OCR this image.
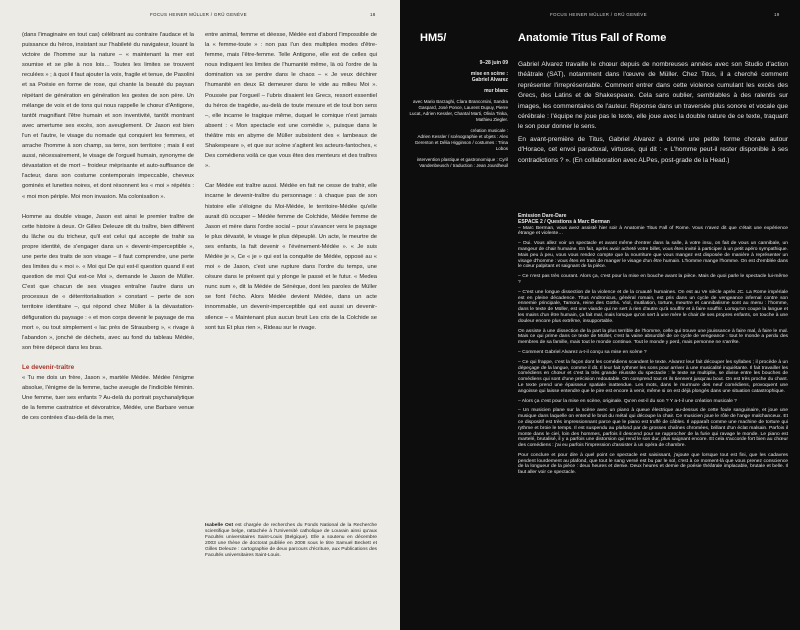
FOCUS HEINER MÜLLER / GRÜ GENÈVE	18

(dans l'imaginaire en tout cas) célébrant au contraire l'audace et la puissance du héros, insistant sur l'habileté du navigateur, louant la victoire de l'homme sur la nature – « maintenant la mer est soumise et se plie à nos lois… Toutes les limites se trouvent reculées » ; à quoi il faut ajouter la voix, fragile et tenue, de Pasolini et sa Poésie en forme de rose, qui chante la beauté du paysan répétant de génération en génération les gestes de son père. Un mélange de voix et de tons qui nous rappelle le chœur d'Antigone, tantôt magnifiant l'être humain et son inventivité, tantôt montrant avec amertume ses excès, son aveuglement. Or Jason est bien l'un et l'autre, le visage du nomade qui conquiert les femmes, et arrache l'homme à son champ, sa terre, son territoire ; mais il est aussi, nécessairement, le visage de l'orgueil humain, synonyme de dévastation et de mort – froideur méprisante et auto-suffisance de l'acteur, dans son costume contemporain impeccable, cheveux gominés et lunettes noires, et dont résonnent les « moi » répétés : « moi mon périple. Moi mon invasion. Ma colonisation ».

Homme au double visage, Jason est ainsi le premier traître de cette histoire à deux. Or Gilles Deleuze dit du traître, bien différent du lâche ou du tricheur, qu'il est celui qui accepte de trahir sa propre identité, de s'engager dans un « devenir-imperceptible », une perte des traits de son visage – il faut comprendre, une perte des limites du « moi ». « Moi qui De qui est-il question quand il est question de moi Qui est-ce Moi », demande le Jason de Müller. C'est que chacun de ses visages entraîne l'autre dans un processus de « déterritorialisation » constant – perte de son territoire identitaire –, qui répond chez Müller à la dévastation-défiguration du paysage : « et mon corps devenir le paysage de ma mort », ou tout simplement « lac près de Strausberg », « rivage à l'abandon », jonché de déchets, avec au fond du tableau Médée, son frère dépecé dans les bras.

Le devenir-traître

« Tu me dois un frère, Jason », martèle Médée. Médée l'énigme absolue, l'énigme de la femme, tache aveugle de l'indicible féminin. Une femme, tuer ses enfants ? Au-delà du portrait psychanalytique de la femme castratrice et dévoratrice, Médée, une Barbare venue de ces contrées d'au-delà de la mer,

entre animal, femme et déesse, Médée est d'abord l'impossible de la « femme-toute » : non pas l'un des multiples modes d'être-femme, mais l'être-femme. Telle Antigone, elle est de celles qui nous indiquent les limites de l'humanité même, là où l'ordre de la domination va se perdre dans le chaos – « Je veux déchirer l'humanité en deux Et demeurer dans le vide au milieu Moi ». Poussée par l'orgueil – l'ubris disaient les Grecs, ressort essentiel du héros de tragédie, au-delà de toute mesure et de tout bon sens –, elle incarne le tragique même, duquel le comique n'est jamais absent : « Mon spectacle est une comédie », puisque dans le théâtre mis en abyme de Müller subsistent des « lambeaux de Shakespeare », et que sur scène s'agitent les acteurs-fantoches, « Des comédiens voilà ce que vous êtes des menteurs et des traîtres ».

Car Médée est traître aussi. Médée en fait ne cesse de trahir, elle incarne le devenir-traître du personnage : à chaque pas de son histoire elle s'éloigne du Moi-Médée, le territoire-Médée qu'elle aurait dû occuper – Médée femme de Colchide, Médée femme de Jason et mère dans l'ordre social – pour s'avancer vers le paysage le plus dévasté, le visage le plus dépeuplé. Un acte, le meurtre de ses enfants, la fait devenir « l'événement-Médée ». « Je suis Médée je », Ce « je » qui est la conquête de Médée, opposé au « moi » de Jason, c'est une rupture dans l'ordre du temps, une césure dans le présent qui y plonge le passé et le futur. « Medea nunc sum », dit la Médée de Sénèque, dont les paroles de Müller se font l'écho. Alors Médée devient Médée, dans un acte innommable, un devenir-imperceptible qui est aussi un devenir-silence – « Maintenant plus aucun bruit Les cris de la Colchide se sont tus Et plus rien », Rideau sur le rivage.

Isabelle Ost est chargée de recherches du Fonds National de la Recherche scientifique belge, rattachée à l'Université catholique de Louvain ainsi qu'aux Facultés universitaires Saint-Louis (Belgique). Elle a soutenu en décembre 2003 une thèse de doctorat publiée en 2008 sous le titre Samuel Beckett et Gilles Deleuze : cartographie de deux parcours d'écriture, aux Publications des Facultés universitaires Saint-Louis.
FOCUS HEINER MÜLLER / GRÜ GENÈVE	19
HM5/	Anatomie Titus Fall of Rome
9–28 juin 09
mise en scène :
Gabriel Alvarez
mur blanc
avec Mario Barzaghi, Clara Brancorsini, Sandra Gaspard, José Ponce, Laurent Dupuy, Pierre Lucat, Adrien Kessler, Chantal Marti, Olivia Tinka, Mathieu Ziegler.
création musicale :
Adrien Kessler / scénographie et objets : Alex Gerenton et Délia Higginson / costumes : Trina Lobos
intervention plastique et gastronomique : Cyril Vandenbeusch / traduction : Jean Jourdheuil

Gabriel Alvarez travaille le chœur depuis de nombreuses années avec son Studio d'action théâtrale (SAT), notamment dans l'œuvre de Müller. Chez Titus, il a cherché comment représenter l'irreprésentable. Comment entrer dans cette violence cumulant les excès des Grecs, des Latins et de Shakespeare. Cela sans oublier, semblables à des ralentis sur images, les commentaires de l'auteur. Réponse dans un traversée plus sonore et vocale que cérébrale : l'équipe ne joue pas le texte, elle joue avec la double nature de ce texte, traquant le son pour donner le sens.

En avant-première de Titus, Gabriel Alvarez a donné une petite forme chorale autour d'Horace, cet envoi paradoxal, virtuose, qui dit : « L'homme peut-il rester disponible à ses contradictions ? ». (En collaboration avec ALPes, post-grade de la Head.)

Emission Dare-Dare
ESPACE 2 / Questions à Marc Berman

– Marc Berman, vous avez assisté hier soir à Anatomie Titus Fall of Rome. Vous n'avez dit que c'était une expérience étrange et violente…

– Oui. Vous allez voir un spectacle et avant même d'entrer dans la salle, à votre insu, on fait de vous un cannibale, un mangeur de chair humaine. En fait, après avoir acheté votre billet, vous êtes invité à participer à un petit apéro sympathique. Mais peu à peu, vous vous rendez compte que la nourriture que vous mangez est disposée de manière à représenter un visage d'homme : vous êtes en train de manger le visage d'un être humain. L'homme mange l'homme. On est d'emblée dans le cœur palpitant et saignant de la pièce.

– Ce n'est pas très courant. Alors ça, c'est pour la mise en bouche avant la pièce. Mais de quoi parle le spectacle lui-même ?

– C'est une longue dissection de la violence et de la cruauté humaines. On est au Ve siècle après JC. La Rome impériale est en pleine décadence. Titus Andronicus, général romain, est pris dans un cycle de vengeance infernal contre son ennemie principale, Tamora, reine des Goths. Viol, mutilation, torture, meurtre et cannibalisme sont au menu : l'homme, dans le texte de Müller, est une viande qui ne sert à rien d'autre qu'à souffrir et à faire souffrir. Lorsqu'on coupe la langue et les mains d'un être humain, ça fait mal, mais lorsque qu'on sert à une mère le chair de ses propres enfants, on touche à une douleur encore plus extrême, insupportable.

On assiste à une dissection de la part la plus terrible de l'homme, celle qui trouve une jouissance à faire mal, à faire le mal. Mais ce qui prime dans ce texte de Müller, c'est la vaine absurdité de ce cycle de vengeance : tout le monde a perdu des membres de sa famille, mais tout le monde continue. Tout le monde y perd, mais personne ne s'arrête.

– Comment Gabriel Alvarez a-t-il conçu sa mise en scène ?

– Ce qui frappe, c'est la façon dont les comédiens scandent le texte. Alvarez leur fait découper les syllabes ; il procède à un dépeçage de la langue, comme il dit. Il leur fait rythmer les sons pour arriver à une musicalité inquiétante. Il fait travailler les comédiens en chœur et c'est la très grande réussite du spectacle : le texte se multiplie, se divise entre les bouches de comédiens qui sont d'une précision redoutable. On comprend tout et ils tiennent jusqu'au bout. On est très proche du chant. Le texte prend une épaisseur spatiale inattendue. Les mots, dans le murmure des neuf comédiens, provoquent une angoisse qui laisse entendre que le pire est encore à venir, même si on est déjà plongés dans une situation catastrophique.

– Alors ça c'est pour la mise en scène, originale. Qu'en est-il du son ? Y a-t-il une création musicale ?

– Un musicien plane sur la scène avec un piano à queue électrique au-dessus de cette foule sanguinaire, et joue une musique dans laquelle on entend le bruit du métal qui découpe la chair. Ce musicien joue le rôle de l'ange malchanceux. Et ce dispositif est très impressionnant parce que le piano est truffé de câbles. Il apparaît comme une machine de torture qui rythme et broie le temps. Il est suspendu au plafond par de grosses chaînes chromées, brillant d'un éclat malsain. Parfois il monte dans le ciel, loin des hommes, parfois il descend pour se rapprocher de la furie qui ravage le monde. Le piano est martelé, brutalisé, il y a parfois une distorsion qui rend le son dur, plus saignant encore. Et cela s'accorde fort bien au chœur des comédiens : j'ai eu parfois l'impression d'assister à un opéra de chambre.

Pour conclure et pour dire à quel point ce spectacle est saisissant, j'ajoute que lorsque tout est fini, que les cadavres pendent lourdement au plafond, que tout le sang versé est bu par le sol, c'est à ce moment-là que vous prenez conscience de la longueur de la pièce : deux heures et demie. Deux heures et demie de poésie théâtrale implacable, brutale et belle. Il faut aller voir ce spectacle.
